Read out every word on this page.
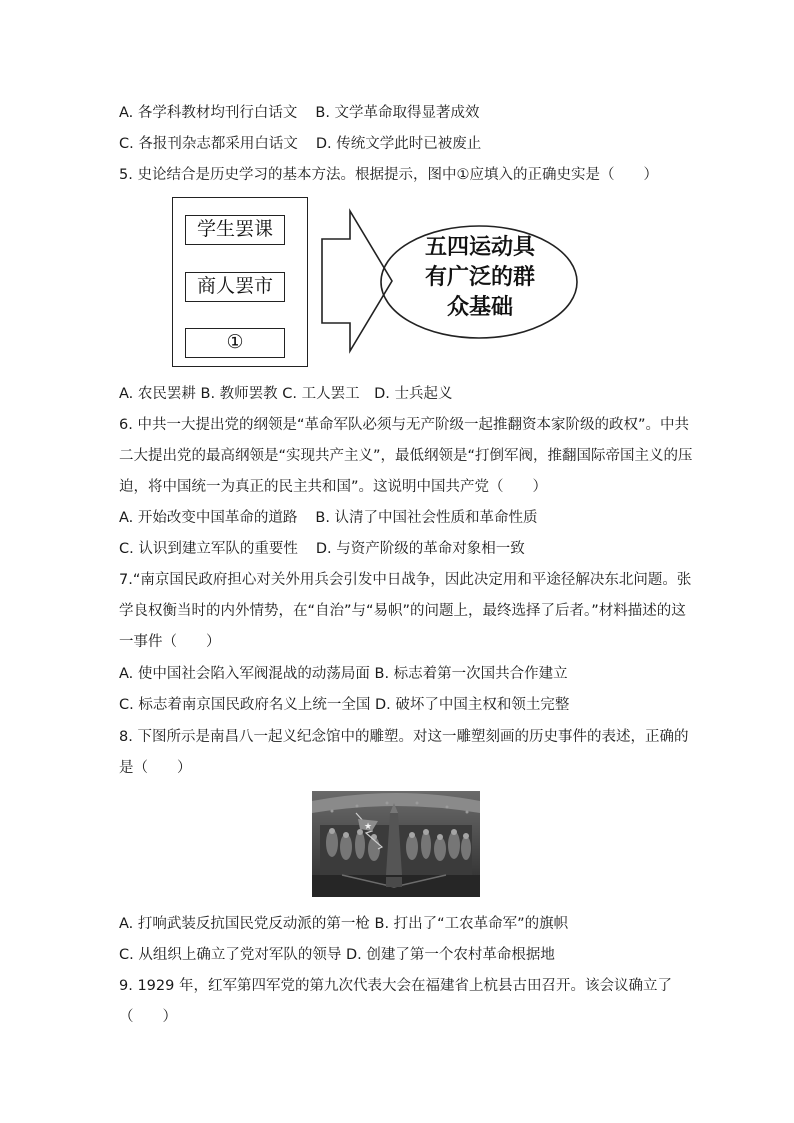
A. 各学科教材均刊行白话文 B. 文学革命取得显著成效
C. 各报刊杂志都采用白话文 D. 传统文学此时已被废止
5. 史论结合是历史学习的基本方法。根据提示，图中①应填入的正确史实是（　　）
学生罢课
商人罢市
①
五四运动具
有广泛的群
众基础
A. 农民罢耕 B. 教师罢教 C. 工人罢工　D. 士兵起义
6. 中共一大提出党的纲领是“革命军队必须与无产阶级一起推翻资本家阶级的政权”。中共
二大提出党的最高纲领是“实现共产主义”，最低纲领是“打倒军阀，推翻国际帝国主义的压
迫，将中国统一为真正的民主共和国”。这说明中国共产党（　　）
A. 开始改变中国革命的道路 B. 认清了中国社会性质和革命性质
C. 认识到建立军队的重要性 D. 与资产阶级的革命对象相一致
7.“南京国民政府担心对关外用兵会引发中日战争，因此决定用和平途径解决东北问题。张
学良权衡当时的内外情势，在“自治”与“易帜”的问题上，最终选择了后者。”材料描述的这
一事件（　　）
A. 使中国社会陷入军阀混战的动荡局面 B. 标志着第一次国共合作建立
C. 标志着南京国民政府名义上统一全国 D. 破坏了中国主权和领土完整
8. 下图所示是南昌八一起义纪念馆中的雕塑。对这一雕塑刻画的历史事件的表述，正确的
是（　　）
★
A. 打响武装反抗国民党反动派的第一枪 B. 打出了“工农革命军”的旗帜
C. 从组织上确立了党对军队的领导 D. 创建了第一个农村革命根据地
9. 1929 年，红军第四军党的第九次代表大会在福建省上杭县古田召开。该会议确立了
（　　）
